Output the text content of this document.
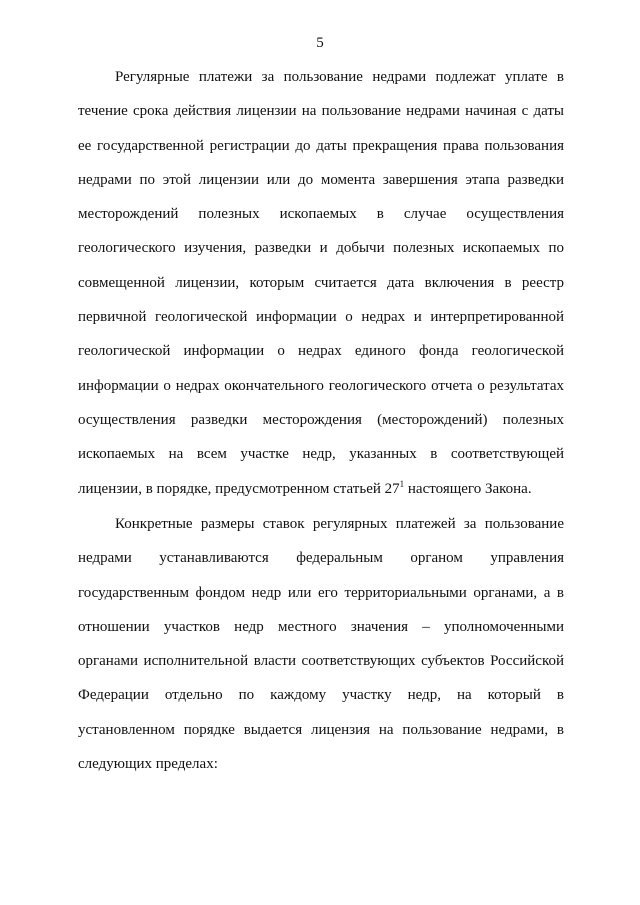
5
Регулярные платежи за пользование недрами подлежат уплате в
течение срока действия лицензии на пользование недрами начиная с даты
ее государственной регистрации до даты прекращения права пользования
недрами по этой лицензии или до момента завершения этапа разведки
месторождений полезных ископаемых в случае осуществления
геологического изучения, разведки и добычи полезных ископаемых по
совмещенной лицензии, которым считается дата включения в реестр
первичной геологической информации о недрах и интерпретированной
геологической информации о недрах единого фонда геологической
информации о недрах окончательного геологического отчета о результатах
осуществления разведки месторождения (месторождений) полезных
ископаемых на всем участке недр, указанных в соответствующей
лицензии, в порядке, предусмотренном статьей $27^1$ настоящего Закона.
Конкретные размеры ставок регулярных платежей за пользование
недрами устанавливаются федеральным органом управления
государственным фондом недр или его территориальными органами, а в
отношении участков недр местного значения – уполномоченными
органами исполнительной власти соответствующих субъектов Российской
Федерации отдельно по каждому участку недр, на который в
установленном порядке выдается лицензия на пользование недрами, в
следующих пределах:
